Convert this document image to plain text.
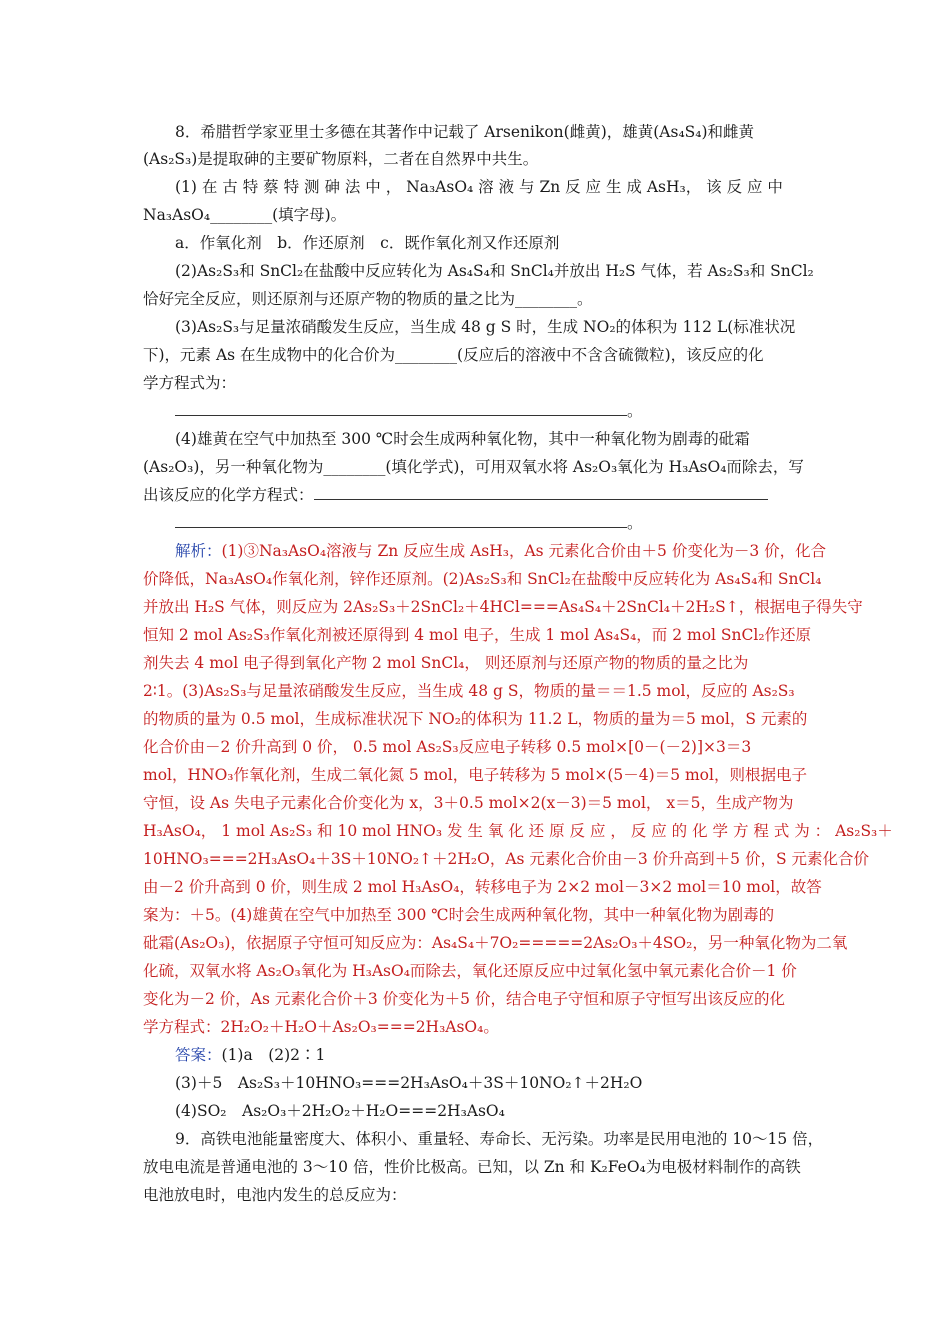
8．希腊哲学家亚里士多德在其著作中记载了 Arsenikon(雌黄)，雄黄(As₄S₄)和雌黄
(As₂S₃)是提取砷的主要矿物原料，二者在自然界中共生。
(1) 在 古 特 蔡 特 测 砷 法 中 ， Na₃AsO₄ 溶 液 与 Zn 反 应 生 成 AsH₃， 该 反 应 中
Na₃AsO₄________(填字母)。
a．作氧化剂　b．作还原剂　c．既作氧化剂又作还原剂
(2)As₂S₃和 SnCl₂在盐酸中反应转化为 As₄S₄和 SnCl₄并放出 H₂S 气体，若 As₂S₃和 SnCl₂
恰好完全反应，则还原剂与还原产物的物质的量之比为________。
(3)As₂S₃与足量浓硝酸发生反应，当生成 48 g S 时，生成 NO₂的体积为 112 L(标准状况
下)，元素 As 在生成物中的化合价为________(反应后的溶液中不含含硫微粒)，该反应的化
学方程式为：
。
(4)雄黄在空气中加热至 300 ℃时会生成两种氧化物，其中一种氧化物为剧毒的砒霜
(As₂O₃)，另一种氧化物为________(填化学式)，可用双氧水将 As₂O₃氧化为 H₃AsO₄而除去，写
出该反应的化学方程式：
。
解析：(1)③Na₃AsO₄溶液与 Zn 反应生成 AsH₃，As 元素化合价由＋5 价变化为－3 价，化合
价降低，Na₃AsO₄作氧化剂，锌作还原剂。(2)As₂S₃和 SnCl₂在盐酸中反应转化为 As₄S₄和 SnCl₄
并放出 H₂S 气体，则反应为 2As₂S₃＋2SnCl₂＋4HCl===As₄S₄＋2SnCl₄＋2H₂S↑，根据电子得失守
恒知 2 mol As₂S₃作氧化剂被还原得到 4 mol 电子，生成 1 mol As₄S₄，而 2 mol SnCl₂作还原
剂失去 4 mol 电子得到氧化产物 2 mol SnCl₄， 则还原剂与还原产物的物质的量之比为
2∶1。(3)As₂S₃与足量浓硝酸发生反应，当生成 48 g S，物质的量＝＝1.5 mol，反应的 As₂S₃
的物质的量为 0.5 mol，生成标准状况下 NO₂的体积为 11.2 L，物质的量为＝5 mol，S 元素的
化合价由－2 价升高到 0 价， 0.5 mol As₂S₃反应电子转移 0.5 mol×[0－(－2)]×3＝3
mol，HNO₃作氧化剂，生成二氧化氮 5 mol，电子转移为 5 mol×(5－4)＝5 mol，则根据电子
守恒，设 As 失电子元素化合价变化为 x，3＋0.5 mol×2(x－3)＝5 mol， x＝5，生成产物为
H₃AsO₄， 1 mol As₂S₃ 和 10 mol HNO₃ 发 生 氧 化 还 原 反 应 ， 反 应 的 化 学 方 程 式 为 ： As₂S₃＋
10HNO₃===2H₃AsO₄＋3S＋10NO₂↑＋2H₂O，As 元素化合价由－3 价升高到＋5 价，S 元素化合价
由－2 价升高到 0 价，则生成 2 mol H₃AsO₄，转移电子为 2×2 mol－3×2 mol＝10 mol，故答
案为：＋5。(4)雄黄在空气中加热至 300 ℃时会生成两种氧化物，其中一种氧化物为剧毒的
砒霜(As₂O₃)，依据原子守恒可知反应为：As₄S₄＋7O₂=====2As₂O₃＋4SO₂，另一种氧化物为二氧
化硫，双氧水将 As₂O₃氧化为 H₃AsO₄而除去，氧化还原反应中过氧化氢中氧元素化合价－1 价
变化为－2 价，As 元素化合价＋3 价变化为＋5 价，结合电子守恒和原子守恒写出该反应的化
学方程式：2H₂O₂＋H₂O＋As₂O₃===2H₃AsO₄。
答案：(1)a　(2)2∶1
(3)＋5　As₂S₃＋10HNO₃===2H₃AsO₄＋3S＋10NO₂↑＋2H₂O
(4)SO₂　As₂O₃＋2H₂O₂＋H₂O===2H₃AsO₄
9．高铁电池能量密度大、体积小、重量轻、寿命长、无污染。功率是民用电池的 10～15 倍，
放电电流是普通电池的 3～10 倍，性价比极高。已知，以 Zn 和 K₂FeO₄为电极材料制作的高铁
电池放电时，电池内发生的总反应为：
